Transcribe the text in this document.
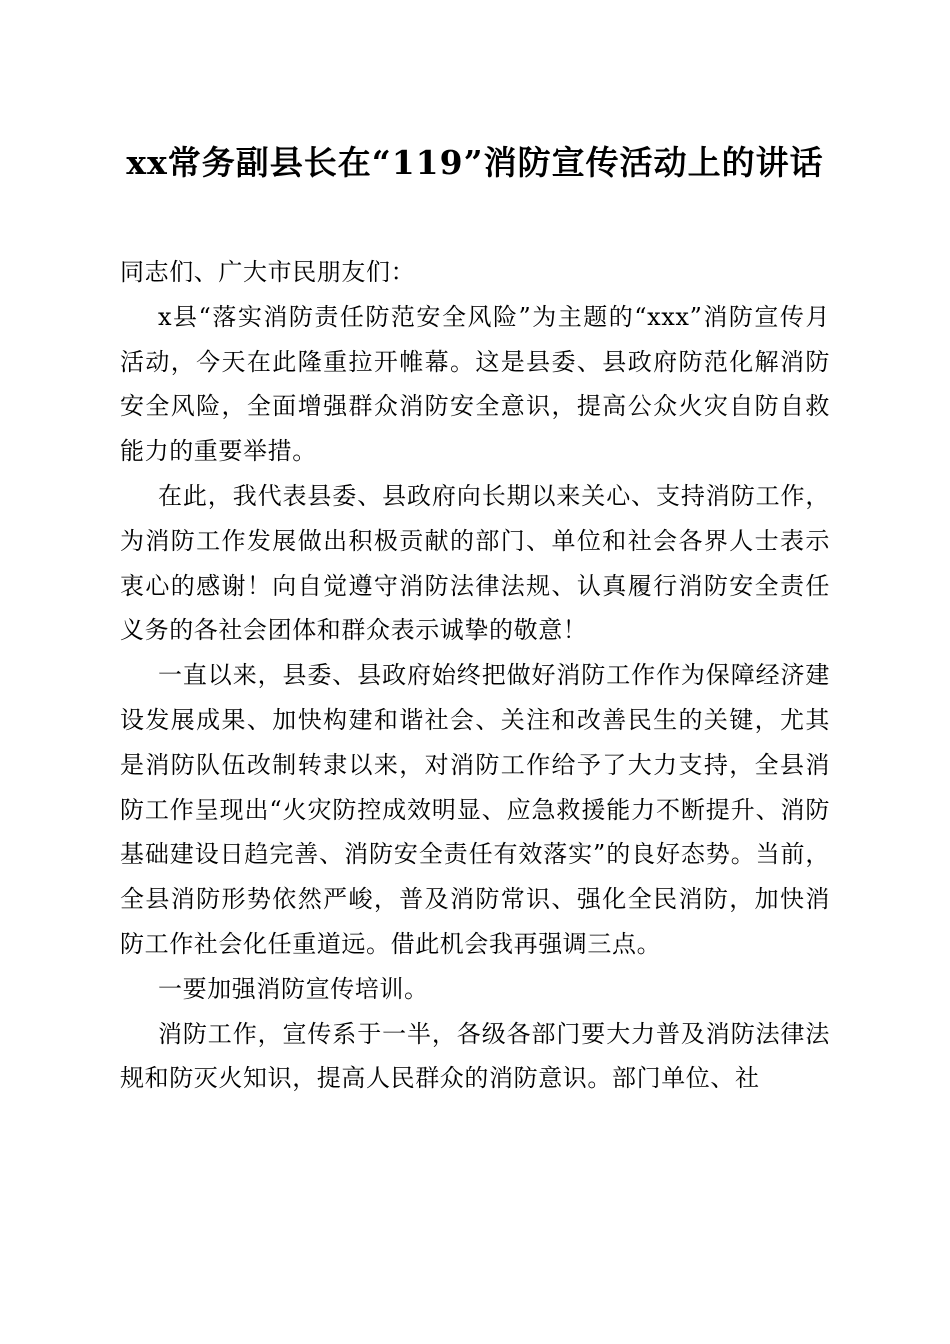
xx常务副县长在“119”消防宣传活动上的讲话

同志们、广大市民朋友们：

x县“落实消防责任防范安全风险”为主题的“xxx”消防宣传月活动，今天在此隆重拉开帷幕。这是县委、县政府防范化解消防安全风险，全面增强群众消防安全意识，提高公众火灾自防自救能力的重要举措。

在此，我代表县委、县政府向长期以来关心、支持消防工作，为消防工作发展做出积极贡献的部门、单位和社会各界人士表示衷心的感谢！向自觉遵守消防法律法规、认真履行消防安全责任义务的各社会团体和群众表示诚挚的敬意！

一直以来，县委、县政府始终把做好消防工作作为保障经济建设发展成果、加快构建和谐社会、关注和改善民生的关键，尤其是消防队伍改制转隶以来，对消防工作给予了大力支持，全县消防工作呈现出“火灾防控成效明显、应急救援能力不断提升、消防基础建设日趋完善、消防安全责任有效落实”的良好态势。当前，全县消防形势依然严峻，普及消防常识、强化全民消防，加快消防工作社会化任重道远。借此机会我再强调三点。

一要加强消防宣传培训。

消防工作，宣传系于一半，各级各部门要大力普及消防法律法规和防灭火知识，提高人民群众的消防意识。部门单位、社
